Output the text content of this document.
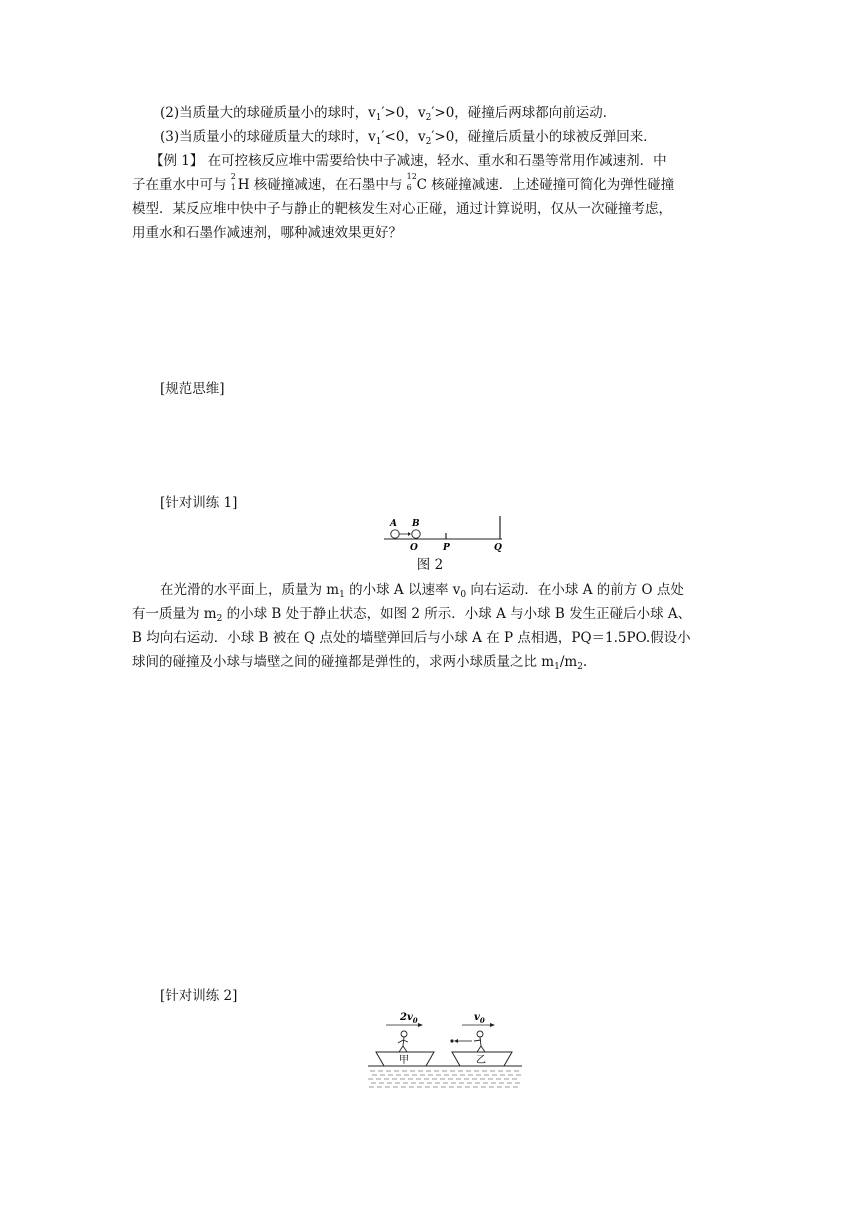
(2)当质量大的球碰质量小的球时，$v_1'>0$，$v_2'>0$，碰撞后两球都向前运动．
(3)当质量小的球碰质量大的球时，$v_1'<0$，$v_2'>0$，碰撞后质量小的球被反弹回来．
【例 1】 在可控核反应堆中需要给快中子减速，轻水、重水和石墨等常用作减速剂．中
子在重水中可与
2
1 H 核碰撞减速，在石墨中与
12
6 C 核碰撞减速．上述碰撞可简化为弹性碰撞
模型．某反应堆中快中子与静止的靶核发生对心正碰，通过计算说明，仅从一次碰撞考虑，
用重水和石墨作减速剂，哪种减速效果更好？
[规范思维]
[针对训练 1]
A B
O	P	Q
图 2
在光滑的水平面上，质量为 $m_1$ 的小球 A 以速率 $v_0$ 向右运动．在小球 A 的前方 O 点处
有一质量为 $m_2$ 的小球 B 处于静止状态，如图 2 所示．小球 A 与小球 B 发生正碰后小球 A、
B 均向右运动．小球 B 被在 Q 点处的墙壁弹回后与小球 A 在 P 点相遇，PQ＝1.5PO.假设小
球间的碰撞及小球与墙壁之间的碰撞都是弹性的，求两小球质量之比 $m_1/m_2$.
[针对训练 2]
$2v_0$	$v_0$
甲	乙
